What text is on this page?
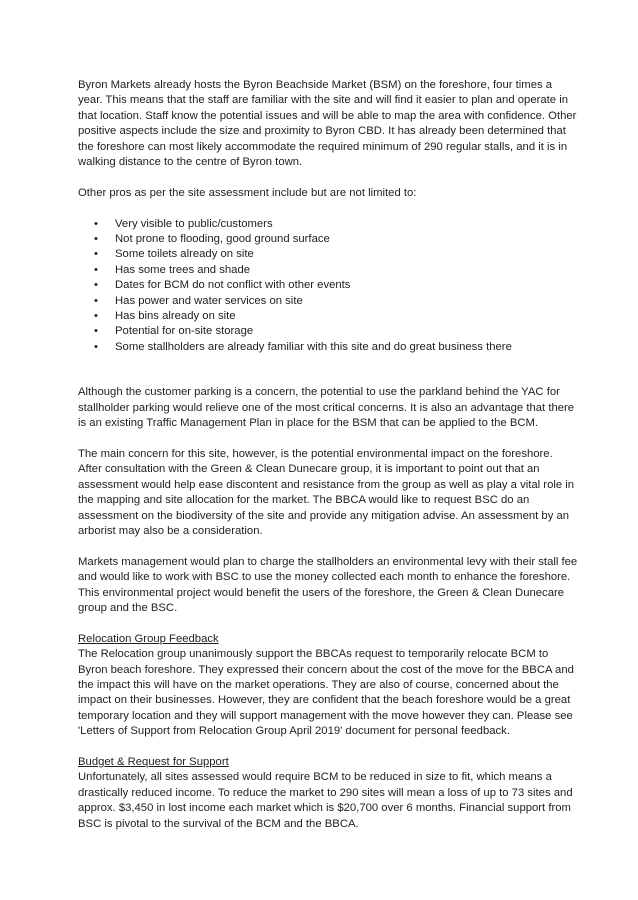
Byron Markets already hosts the Byron Beachside Market (BSM) on the foreshore, four times a year. This means that the staff are familiar with the site and will find it easier to plan and operate in that location. Staff know the potential issues and will be able to map the area with confidence. Other positive aspects include the size and proximity to Byron CBD. It has already been determined that the foreshore can most likely accommodate the required minimum of 290 regular stalls, and it is in walking distance to the centre of Byron town.

Other pros as per the site assessment include but are not limited to:

• Very visible to public/customers
• Not prone to flooding, good ground surface
• Some toilets already on site
• Has some trees and shade
• Dates for BCM do not conflict with other events
• Has power and water services on site
• Has bins already on site
• Potential for on-site storage
• Some stallholders are already familiar with this site and do great business there

Although the customer parking is a concern, the potential to use the parkland behind the YAC for stallholder parking would relieve one of the most critical concerns. It is also an advantage that there is an existing Traffic Management Plan in place for the BSM that can be applied to the BCM.

The main concern for this site, however, is the potential environmental impact on the foreshore. After consultation with the Green & Clean Dunecare group, it is important to point out that an assessment would help ease discontent and resistance from the group as well as play a vital role in the mapping and site allocation for the market. The BBCA would like to request BSC do an assessment on the biodiversity of the site and provide any mitigation advise. An assessment by an arborist may also be a consideration.

Markets management would plan to charge the stallholders an environmental levy with their stall fee and would like to work with BSC to use the money collected each month to enhance the foreshore. This environmental project would benefit the users of the foreshore, the Green & Clean Dunecare group and the BSC.

Relocation Group Feedback
The Relocation group unanimously support the BBCAs request to temporarily relocate BCM to Byron beach foreshore. They expressed their concern about the cost of the move for the BBCA and the impact this will have on the market operations. They are also of course, concerned about the impact on their businesses. However, they are confident that the beach foreshore would be a great temporary location and they will support management with the move however they can. Please see 'Letters of Support from Relocation Group April 2019' document for personal feedback.

Budget & Request for Support
Unfortunately, all sites assessed would require BCM to be reduced in size to fit, which means a drastically reduced income. To reduce the market to 290 sites will mean a loss of up to 73 sites and approx. $3,450 in lost income each market which is $20,700 over 6 months. Financial support from BSC is pivotal to the survival of the BCM and the BBCA.
